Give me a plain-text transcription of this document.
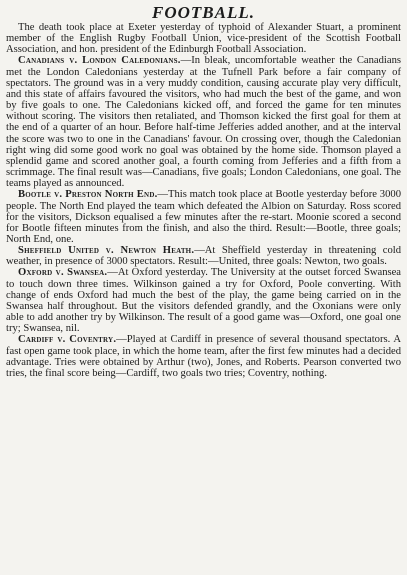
FOOTBALL.

The death took place at Exeter yesterday of typhoid of Alexander Stuart, a prominent member of the English Rugby Football Union, vice-president of the Scottish Football Association, and hon. president of the Edinburgh Football Association.

Canadians v. London Caledonians.—In bleak, uncomfortable weather the Canadians met the London Caledonians yesterday at the Tufnell Park before a fair company of spectators. The ground was in a very muddy condition, causing accurate play very difficult, and this state of affairs favoured the visitors, who had much the best of the game, and won by five goals to one. The Caledonians kicked off, and forced the game for ten minutes without scoring. The visitors then retaliated, and Thomson kicked the first goal for them at the end of a quarter of an hour. Before half-time Jefferies added another, and at the interval the score was two to one in the Canadians' favour. On crossing over, though the Caledonian right wing did some good work no goal was obtained by the home side. Thomson played a splendid game and scored another goal, a fourth coming from Jefferies and a fifth from a scrimmage. The final result was—Canadians, five goals; London Caledonians, one goal. The teams played as announced.

Bootle v. Preston North End.—This match took place at Bootle yesterday before 3000 people. The North End played the team which defeated the Albion on Saturday. Ross scored for the visitors, Dickson equalised a few minutes after the re-start. Moonie scored a second for Bootle fifteen minutes from the finish, and also the third. Result:—Bootle, three goals; North End, one.

Sheffield United v. Newton Heath.—At Sheffield yesterday in threatening cold weather, in presence of 3000 spectators. Result:—United, three goals: Newton, two goals.

Oxford v. Swansea.—At Oxford yesterday. The University at the outset forced Swansea to touch down three times. Wilkinson gained a try for Oxford, Poole converting. With change of ends Oxford had much the best of the play, the game being carried on in the Swansea half throughout. But the visitors defended grandly, and the Oxonians were only able to add another try by Wilkinson. The result of a good game was—Oxford, one goal one try; Swansea, nil.

Cardiff v. Coventry.—Played at Cardiff in presence of several thousand spectators. A fast open game took place, in which the home team, after the first few minutes had a decided advantage. Tries were obtained by Arthur (two), Jones, and Roberts. Pearson converted two tries, the final score being—Cardiff, two goals two tries; Coventry, nothing.
